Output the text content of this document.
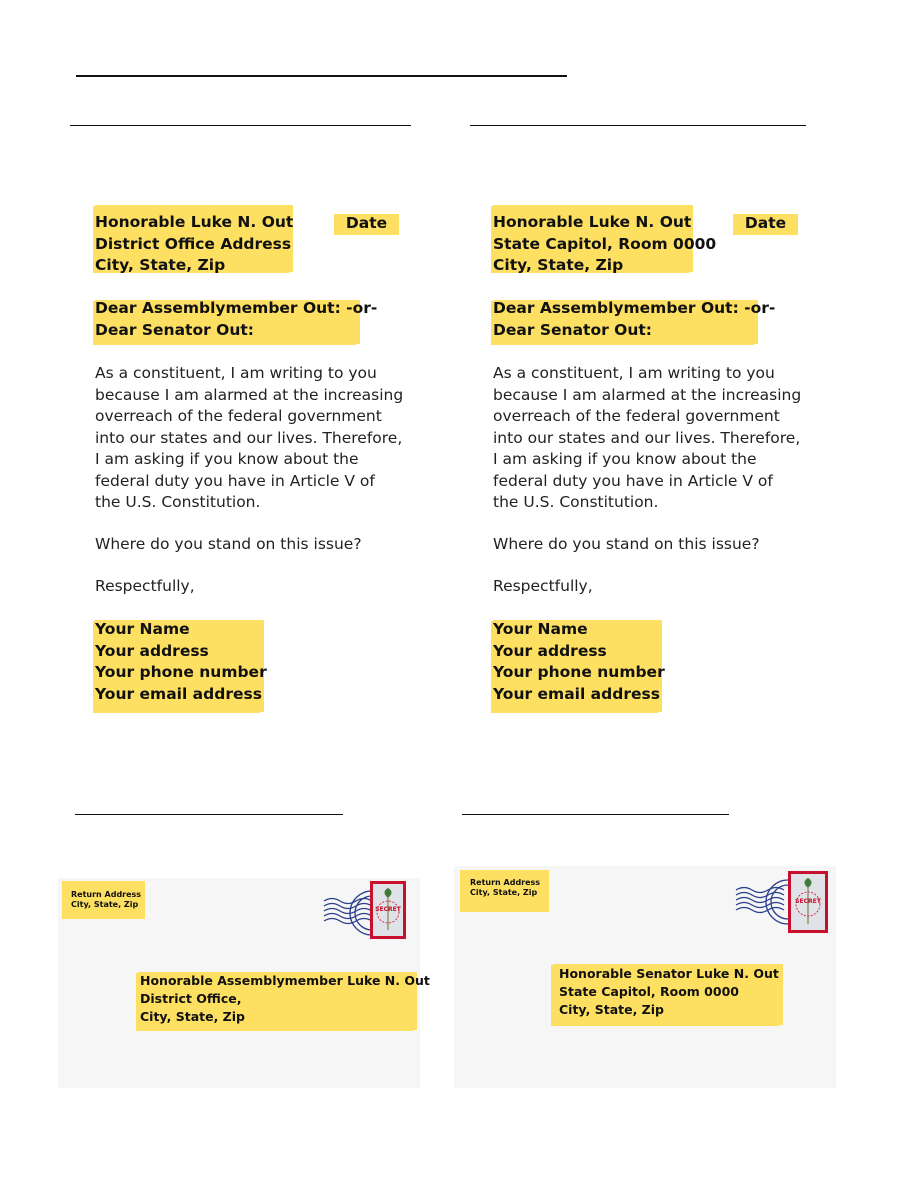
Honorable Luke N. Out
District Office Address
City, State, Zip
Date
Dear Assemblymember Out: -or-
Dear Senator Out:
As a constituent, I am writing to you because I am alarmed at the increasing overreach of the federal government into our states and our lives. Therefore, I am asking if you know about the federal duty you have in Article V of the U.S. Constitution.
Where do you stand on this issue?
Respectfully,
Your Name
Your address
Your phone number
Your email address
Honorable Luke N. Out
State Capitol, Room 0000
City, State, Zip
Date
Dear Assemblymember Out: -or-
Dear Senator Out:
As a constituent, I am writing to you because I am alarmed at the increasing overreach of the federal government into our states and our lives. Therefore, I am asking if you know about the federal duty you have in Article V of the U.S. Constitution.
Where do you stand on this issue?
Respectfully,
Your Name
Your address
Your phone number
Your email address
Return Address
City, State, Zip
SECRET
Honorable Assemblymember Luke N. Out
District Office,
City, State, Zip
Return Address
City, State, Zip
SECRET
Honorable Senator Luke N. Out
State Capitol, Room 0000
City, State, Zip
